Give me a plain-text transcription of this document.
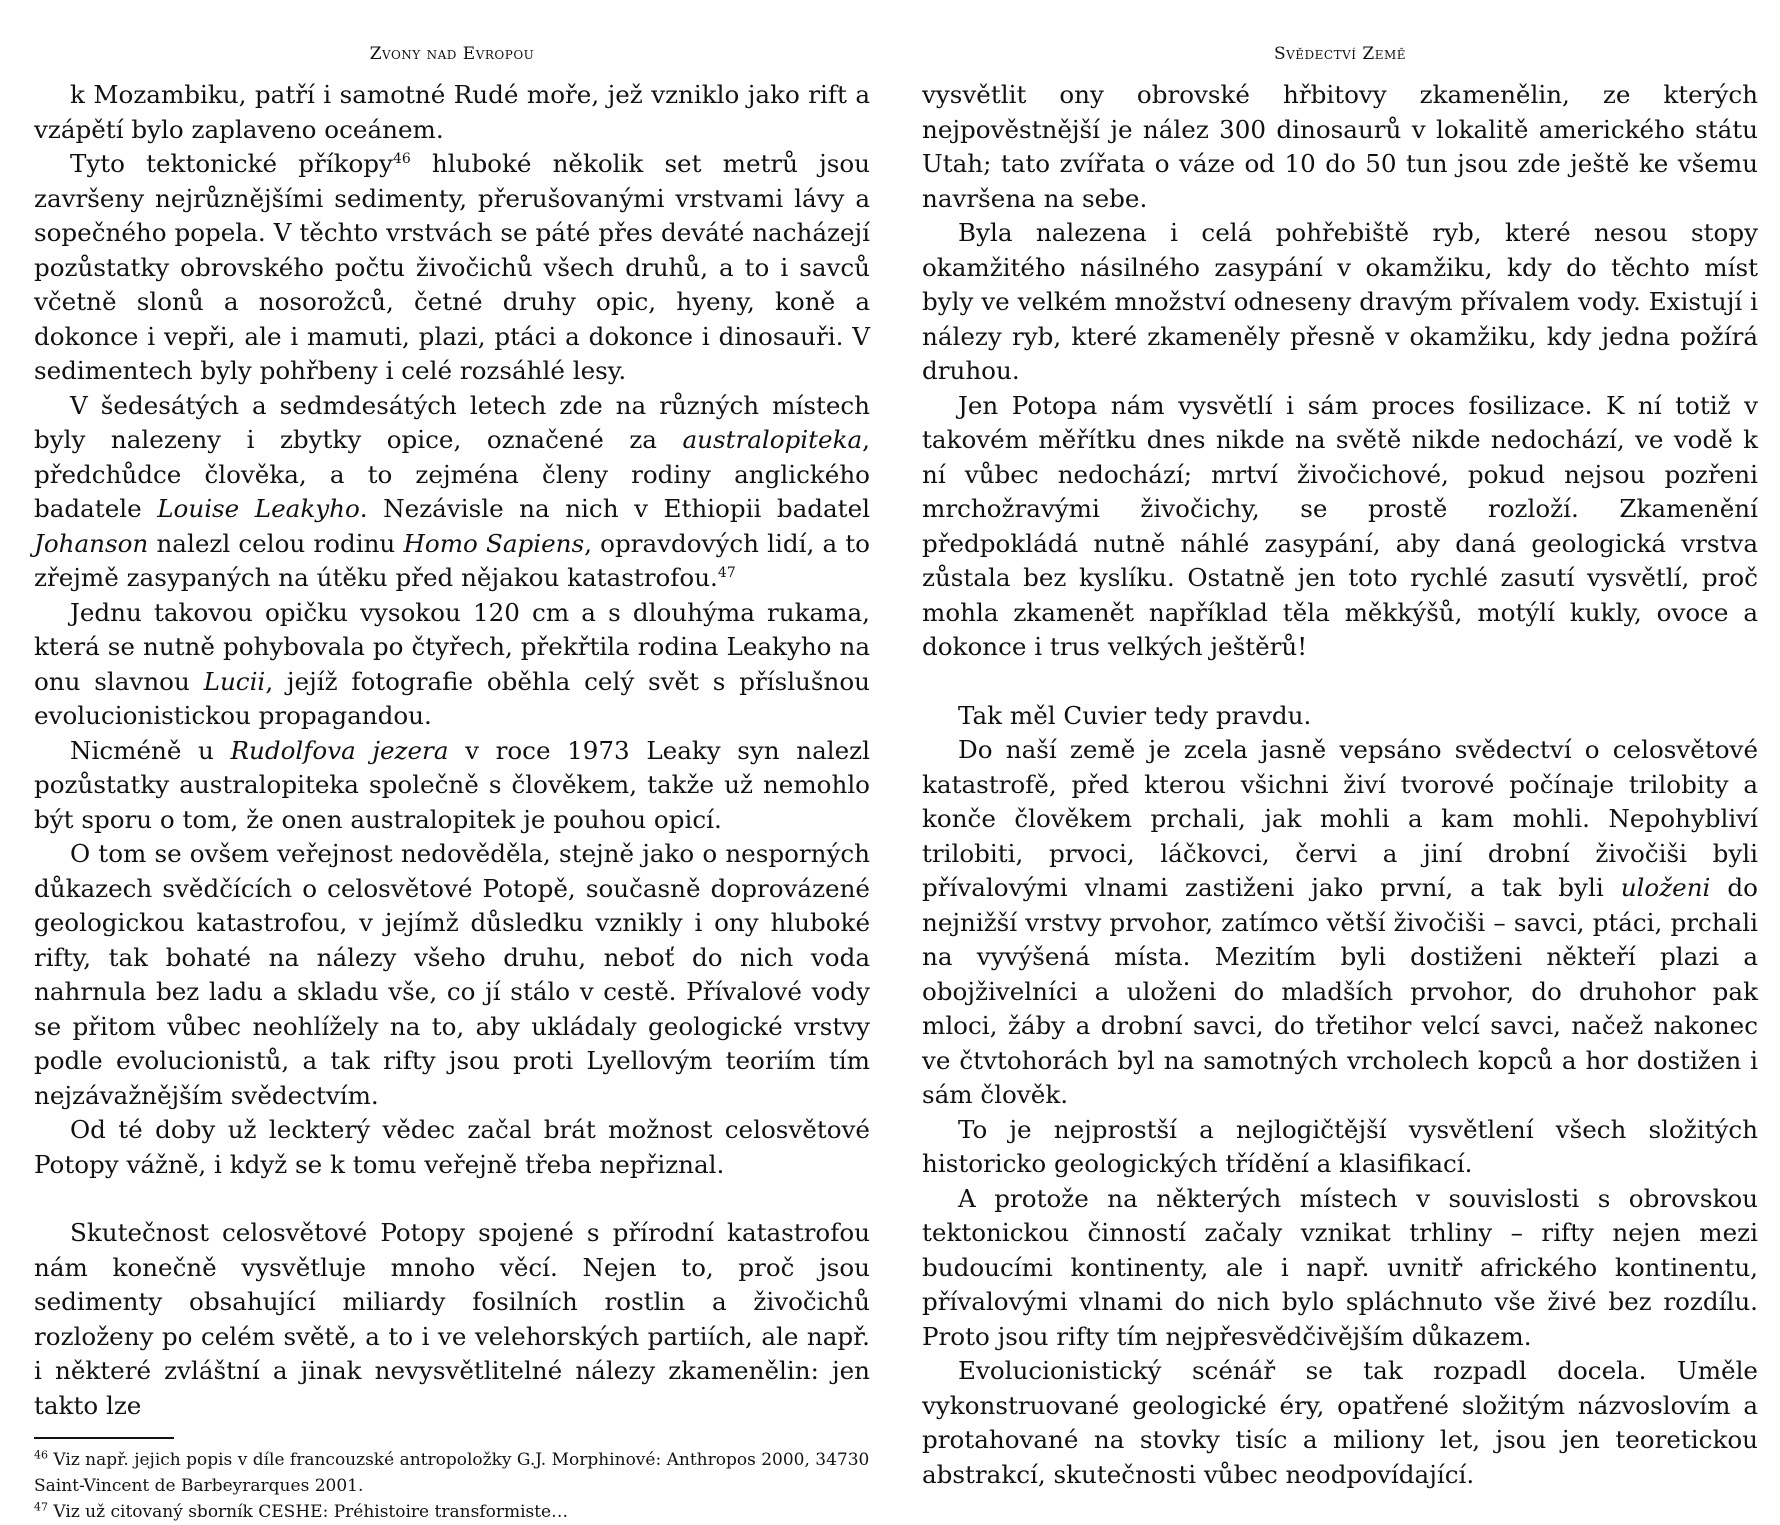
Zvony nad Evropou

k Mozambiku, patří i samotné Rudé moře, jež vzniklo jako rift a vzápětí bylo zaplaveno oceánem.

Tyto tektonické příkopy$^{46}$ hluboké několik set metrů jsou završeny nejrůznějšími sedimenty, přerušovanými vrstvami lávy a sopečného popela. V těchto vrstvách se páté přes deváté nacházejí pozůstatky obrovského počtu živočichů všech druhů, a to i savců včetně slonů a nosorožců, četné druhy opic, hyeny, koně a dokonce i vepři, ale i mamuti, plazi, ptáci a dokonce i dinosauři. V sedimentech byly pohřbeny i celé rozsáhlé lesy.

V šedesátých a sedmdesátých letech zde na různých místech byly nalezeny i zbytky opice, označené za australopiteka, předchůdce člověka, a to zejména členy rodiny anglického badatele Louise Leakyho. Nezávisle na nich v Ethiopii badatel Johanson nalezl celou rodinu Homo Sapiens, opravdových lidí, a to zřejmě zasypaných na útěku před nějakou katastrofou.$^{47}$

Jednu takovou opičku vysokou 120 cm a s dlouhýma rukama, která se nutně pohybovala po čtyřech, překřtila rodina Leakyho na onu slavnou Lucii, jejíž fotografie oběhla celý svět s příslušnou evolucionistickou propagandou.

Nicméně u Rudolfova jezera v roce 1973 Leaky syn nalezl pozůstatky australopiteka společně s člověkem, takže už nemohlo být sporu o tom, že onen australopitek je pouhou opicí.

O tom se ovšem veřejnost nedověděla, stejně jako o nesporných důkazech svědčících o celosvětové Potopě, současně doprovázené geologickou katastrofou, v jejímž důsledku vznikly i ony hluboké rifty, tak bohaté na nálezy všeho druhu, neboť do nich voda nahrnula bez ladu a skladu vše, co jí stálo v cestě. Přívalové vody se přitom vůbec neohlížely na to, aby ukládaly geologické vrstvy podle evolucionistů, a tak rifty jsou proti Lyellovým teoriím tím nejzávažnějším svědectvím.

Od té doby už leckterý vědec začal brát možnost celosvětové Potopy vážně, i když se k tomu veřejně třeba nepřiznal.

Skutečnost celosvětové Potopy spojené s přírodní katastrofou nám konečně vysvětluje mnoho věcí. Nejen to, proč jsou sedimenty obsahující miliardy fosilních rostlin a živočichů rozloženy po celém světě, a to i ve velehorských partiích, ale např. i některé zvláštní a jinak nevysvětlitelné nálezy zkamenělin: jen takto lze

$^{46}$ Viz např. jejich popis v díle francouzské antropoložky G.J. Morphinové: Anthropos 2000, 34730 Saint-Vincent de Barbeyrarques 2001.

$^{47}$ Viz už citovaný sborník CESHE: Préhistoire transformiste…

Svědectví Země

vysvětlit ony obrovské hřbitovy zkamenělin, ze kterých nejpověstnější je nález 300 dinosaurů v lokalitě amerického státu Utah; tato zvířata o váze od 10 do 50 tun jsou zde ještě ke všemu navršena na sebe.

Byla nalezena i celá pohřebiště ryb, které nesou stopy okamžitého násilného zasypání v okamžiku, kdy do těchto míst byly ve velkém množství odneseny dravým přívalem vody. Existují i nálezy ryb, které zkameněly přesně v okamžiku, kdy jedna požírá druhou.

Jen Potopa nám vysvětlí i sám proces fosilizace. K ní totiž v takovém měřítku dnes nikde na světě nikde nedochází, ve vodě k ní vůbec nedochází; mrtví živočichové, pokud nejsou pozřeni mrchožravými živočichy, se prostě rozloží. Zkamenění předpokládá nutně náhlé zasypání, aby daná geologická vrstva zůstala bez kyslíku. Ostatně jen toto rychlé zasutí vysvětlí, proč mohla zkamenět například těla měkkýšů, motýlí kukly, ovoce a dokonce i trus velkých ještěrů!

Tak měl Cuvier tedy pravdu.

Do naší země je zcela jasně vepsáno svědectví o celosvětové katastrofě, před kterou všichni živí tvorové počínaje trilobity a konče člověkem prchali, jak mohli a kam mohli. Nepohybliví trilobiti, prvoci, láčkovci, červi a jiní drobní živočiši byli přívalovými vlnami zastiženi jako první, a tak byli uloženi do nejnižší vrstvy prvohor, zatímco větší živočiši – savci, ptáci, prchali na vyvýšená místa. Mezitím byli dostiženi někteří plazi a obojživelníci a uloženi do mladších prvohor, do druhohor pak mloci, žáby a drobní savci, do třetihor velcí savci, načež nakonec ve čtvtohorách byl na samotných vrcholech kopců a hor dostižen i sám člověk.

To je nejprostší a nejlogičtější vysvětlení všech složitých historicko geologických třídění a klasifikací.

A protože na některých místech v souvislosti s obrovskou tektonickou činností začaly vznikat trhliny – rifty nejen mezi budoucími kontinenty, ale i např. uvnitř afrického kontinentu, přívalovými vlnami do nich bylo spláchnuto vše živé bez rozdílu. Proto jsou rifty tím nejpřesvědčivějším důkazem.

Evolucionistický scénář se tak rozpadl docela. Uměle vykonstruované geologické éry, opatřené složitým názvoslovím a protahované na stovky tisíc a miliony let, jsou jen teoretickou abstrakcí, skutečnosti vůbec neodpovídající.
